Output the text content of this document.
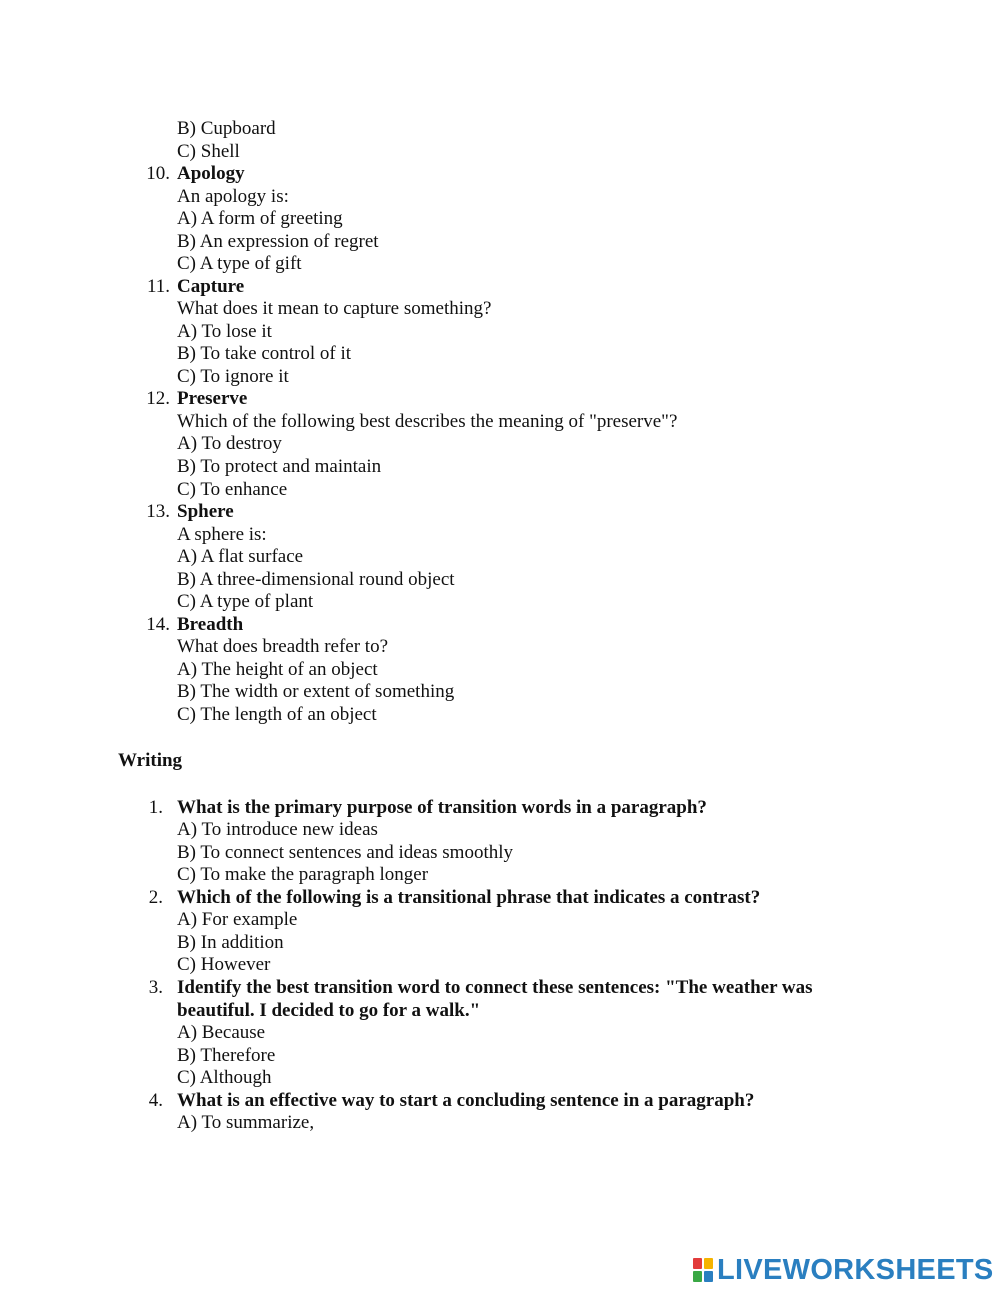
B) Cupboard
C) Shell
10. Apology
An apology is:
A) A form of greeting
B) An expression of regret
C) A type of gift
11. Capture
What does it mean to capture something?
A) To lose it
B) To take control of it
C) To ignore it
12. Preserve
Which of the following best describes the meaning of "preserve"?
A) To destroy
B) To protect and maintain
C) To enhance
13. Sphere
A sphere is:
A) A flat surface
B) A three-dimensional round object
C) A type of plant
14. Breadth
What does breadth refer to?
A) The height of an object
B) The width or extent of something
C) The length of an object
Writing
1. What is the primary purpose of transition words in a paragraph?
A) To introduce new ideas
B) To connect sentences and ideas smoothly
C) To make the paragraph longer
2. Which of the following is a transitional phrase that indicates a contrast?
A) For example
B) In addition
C) However
3. Identify the best transition word to connect these sentences: "The weather was
beautiful. I decided to go for a walk."
A) Because
B) Therefore
C) Although
4. What is an effective way to start a concluding sentence in a paragraph?
A) To summarize,
LIVEWORKSHEETS
